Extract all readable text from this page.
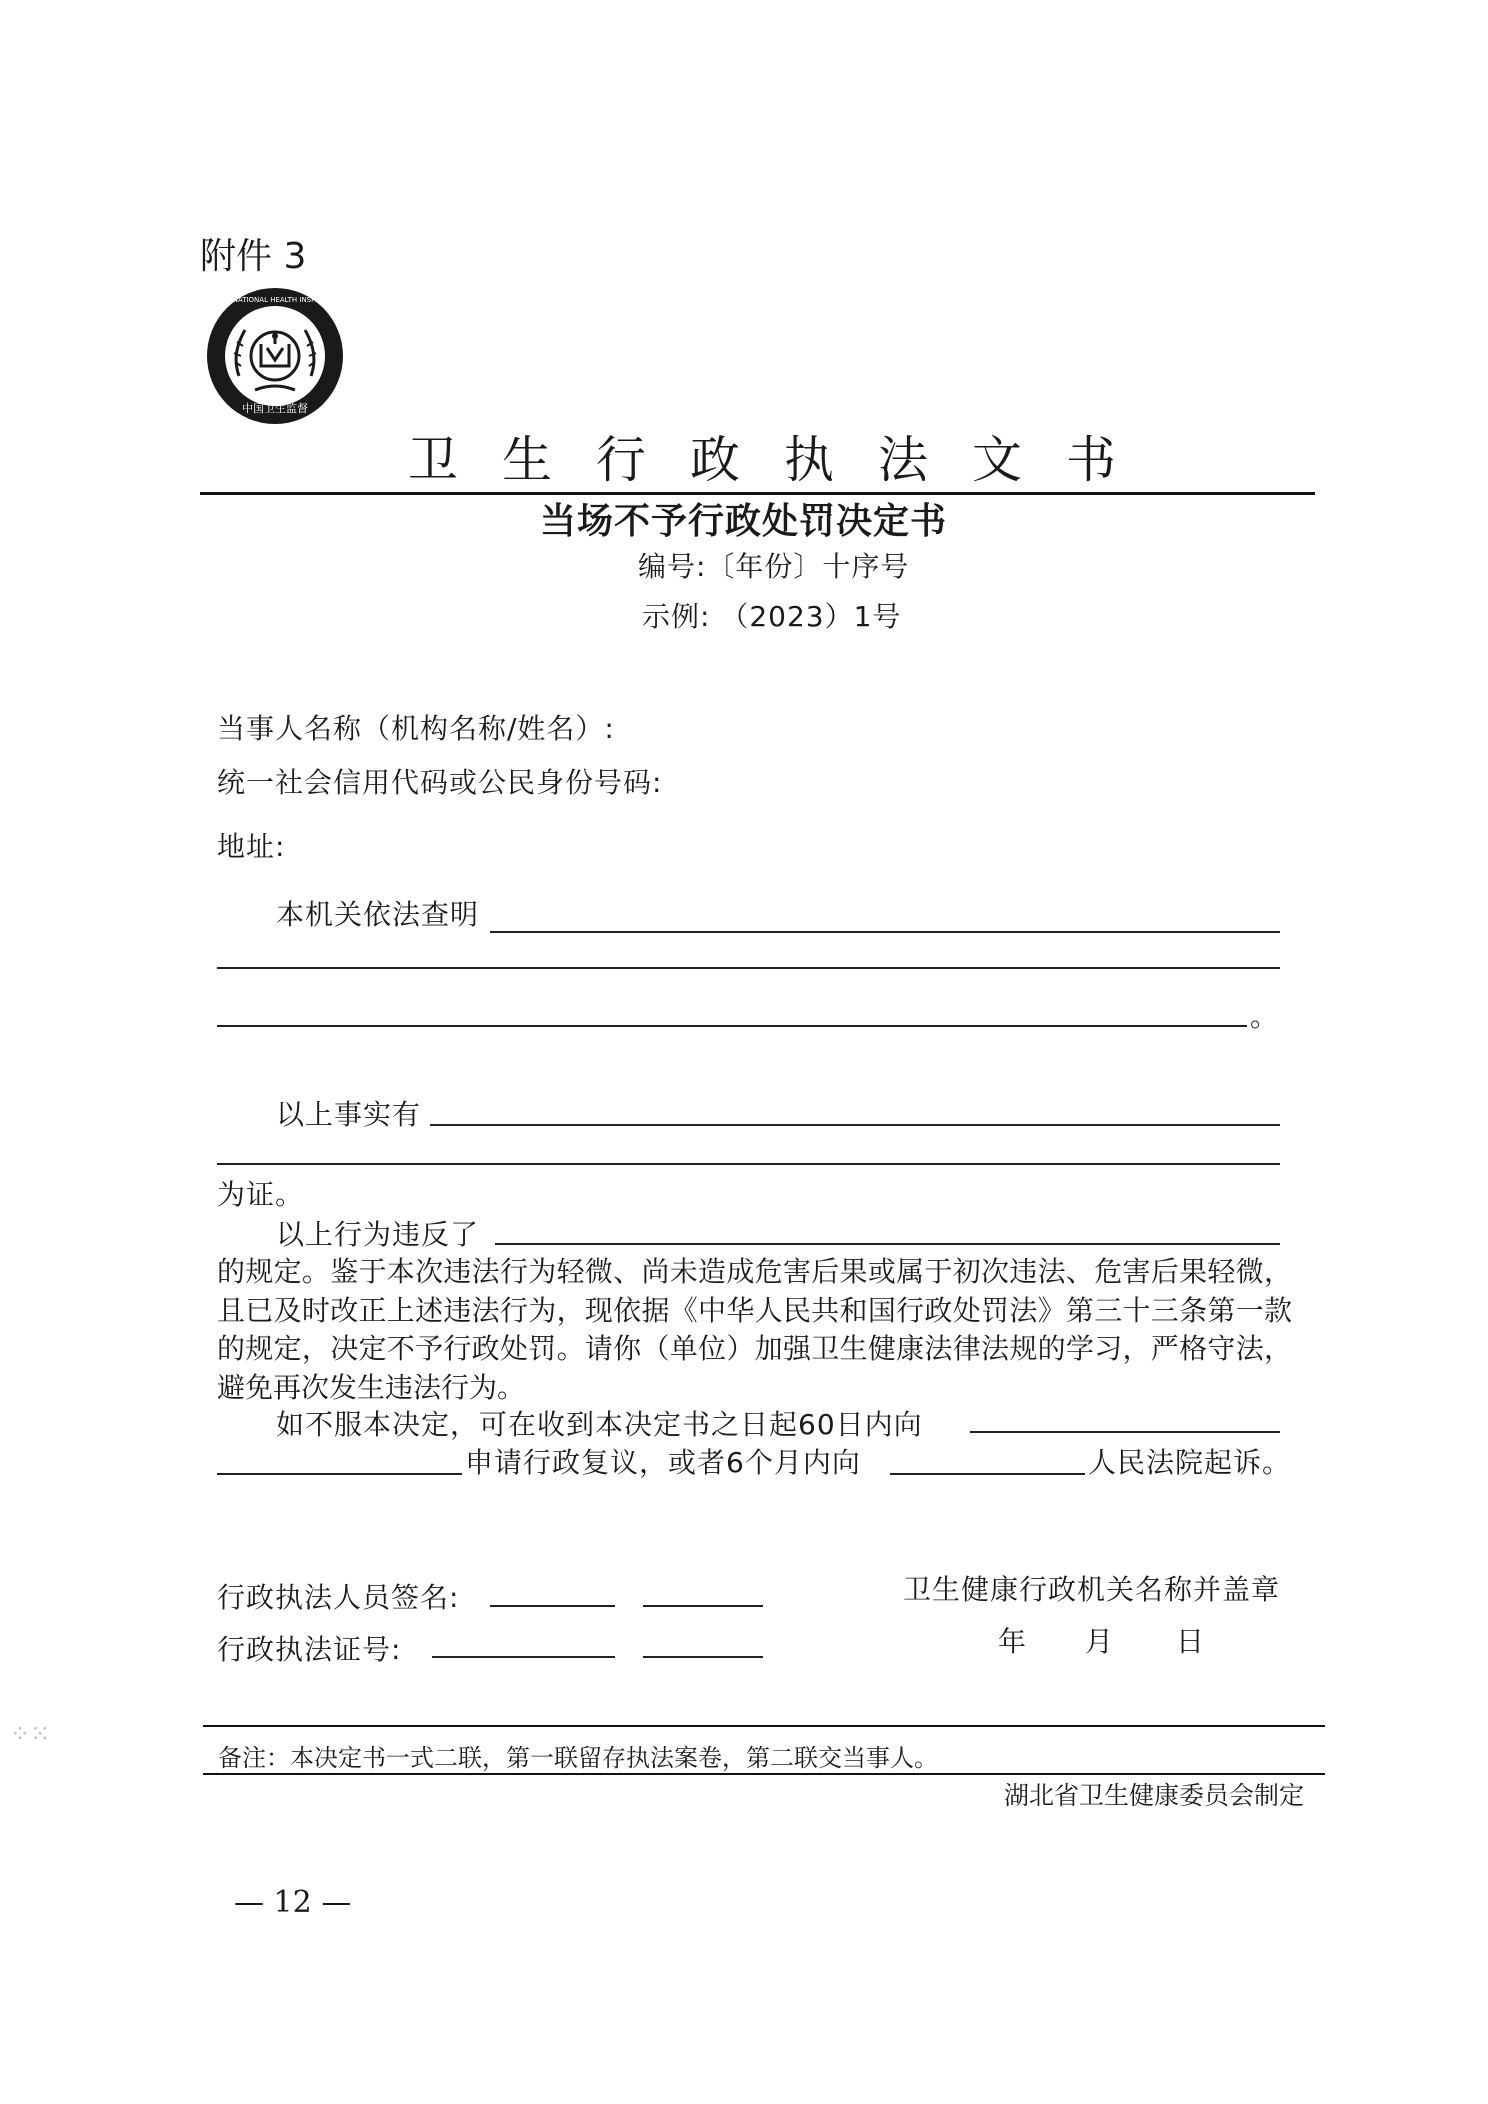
附件 3
中国卫生监督
CHINA NATIONAL HEALTH INSPECTION
卫生行政执法文书
当场不予行政处罚决定书
编号:〔年份〕十序号
示例: （2023）1号
当事人名称（机构名称/姓名）:
统一社会信用代码或公民身份号码:
地址:
本机关依法查明
。
以上事实有
为证。
以上行为违反了
的规定。鉴于本次违法行为轻微、尚未造成危害后果或属于初次违法、危害后果轻微，且已及时改正上述违法行为，现依据《中华人民共和国行政处罚法》第三十三条第一款的规定，决定不予行政处罚。请你（单位）加强卫生健康法律法规的学习，严格守法，避免再次发生违法行为。
如不服本决定，可在收到本决定书之日起60日内向
申请行政复议，或者6个月内向	人民法院起诉。
行政执法人员签名:
行政执法证号:
卫生健康行政机关名称并盖章
年 月 日
备注：本决定书一式二联，第一联留存执法案卷，第二联交当事人。
湖北省卫生健康委员会制定
— 12 —
⁘⁙
